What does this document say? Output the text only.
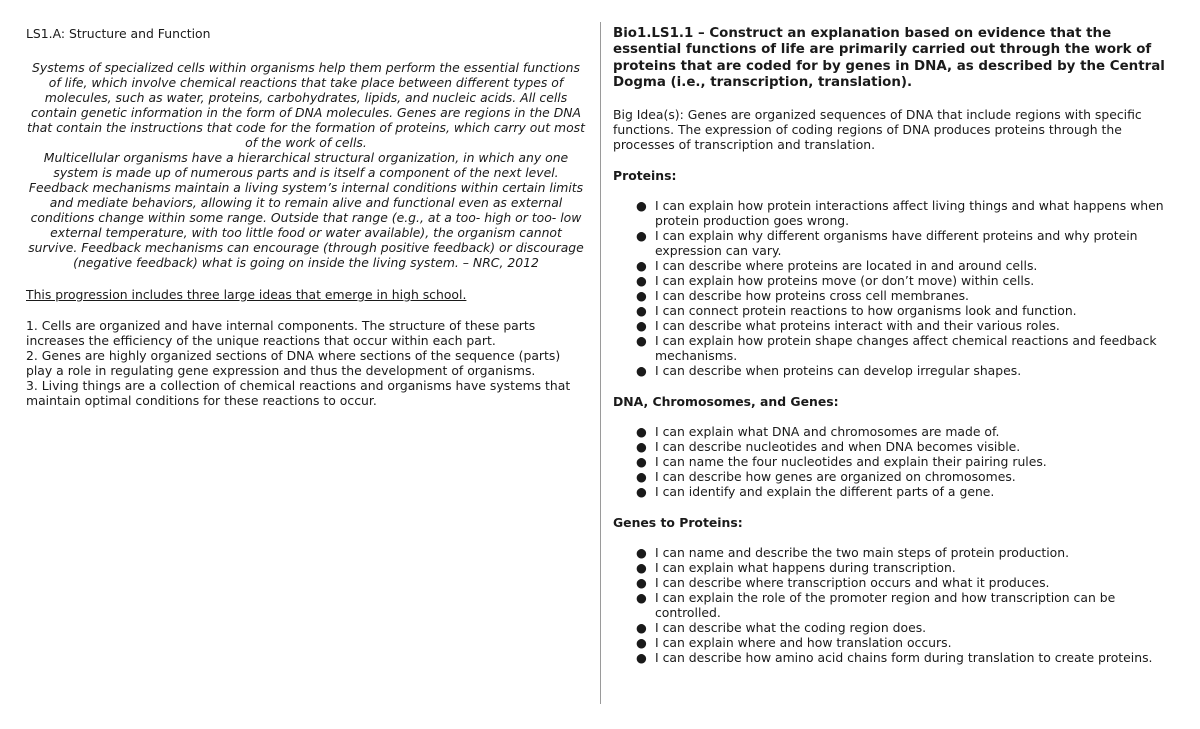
LS1.A: Structure and Function

Systems of specialized cells within organisms help them perform the essential functions of life, which involve chemical reactions that take place between different types of molecules, such as water, proteins, carbohydrates, lipids, and nucleic acids. All cells contain genetic information in the form of DNA molecules. Genes are regions in the DNA that contain the instructions that code for the formation of proteins, which carry out most of the work of cells.

Multicellular organisms have a hierarchical structural organization, in which any one system is made up of numerous parts and is itself a component of the next level. Feedback mechanisms maintain a living system’s internal conditions within certain limits and mediate behaviors, allowing it to remain alive and functional even as external conditions change within some range. Outside that range (e.g., at a too- high or too- low external temperature, with too little food or water available), the organism cannot survive. Feedback mechanisms can encourage (through positive feedback) or discourage (negative feedback) what is going on inside the living system. – NRC, 2012

This progression includes three large ideas that emerge in high school.

1. Cells are organized and have internal components. The structure of these parts increases the efficiency of the unique reactions that occur within each part.

2. Genes are highly organized sections of DNA where sections of the sequence (parts) play a role in regulating gene expression and thus the development of organisms.

3. Living things are a collection of chemical reactions and organisms have systems that maintain optimal conditions for these reactions to occur.

Bio1.LS1.1 – Construct an explanation based on evidence that the essential functions of life are primarily carried out through the work of proteins that are coded for by genes in DNA, as described by the Central Dogma (i.e., transcription, translation).

Big Idea(s): Genes are organized sequences of DNA that include regions with specific functions. The expression of coding regions of DNA produces proteins through the processes of transcription and translation.

Proteins:

● I can explain how protein interactions affect living things and what happens when protein production goes wrong.
● I can explain why different organisms have different proteins and why protein expression can vary.
● I can describe where proteins are located in and around cells.
● I can explain how proteins move (or don’t move) within cells.
● I can describe how proteins cross cell membranes.
● I can connect protein reactions to how organisms look and function.
● I can describe what proteins interact with and their various roles.
● I can explain how protein shape changes affect chemical reactions and feedback mechanisms.
● I can describe when proteins can develop irregular shapes.

DNA, Chromosomes, and Genes:

● I can explain what DNA and chromosomes are made of.
● I can describe nucleotides and when DNA becomes visible.
● I can name the four nucleotides and explain their pairing rules.
● I can describe how genes are organized on chromosomes.
● I can identify and explain the different parts of a gene.

Genes to Proteins:

● I can name and describe the two main steps of protein production.
● I can explain what happens during transcription.
● I can describe where transcription occurs and what it produces.
● I can explain the role of the promoter region and how transcription can be controlled.
● I can describe what the coding region does.
● I can explain where and how translation occurs.
● I can describe how amino acid chains form during translation to create proteins.
